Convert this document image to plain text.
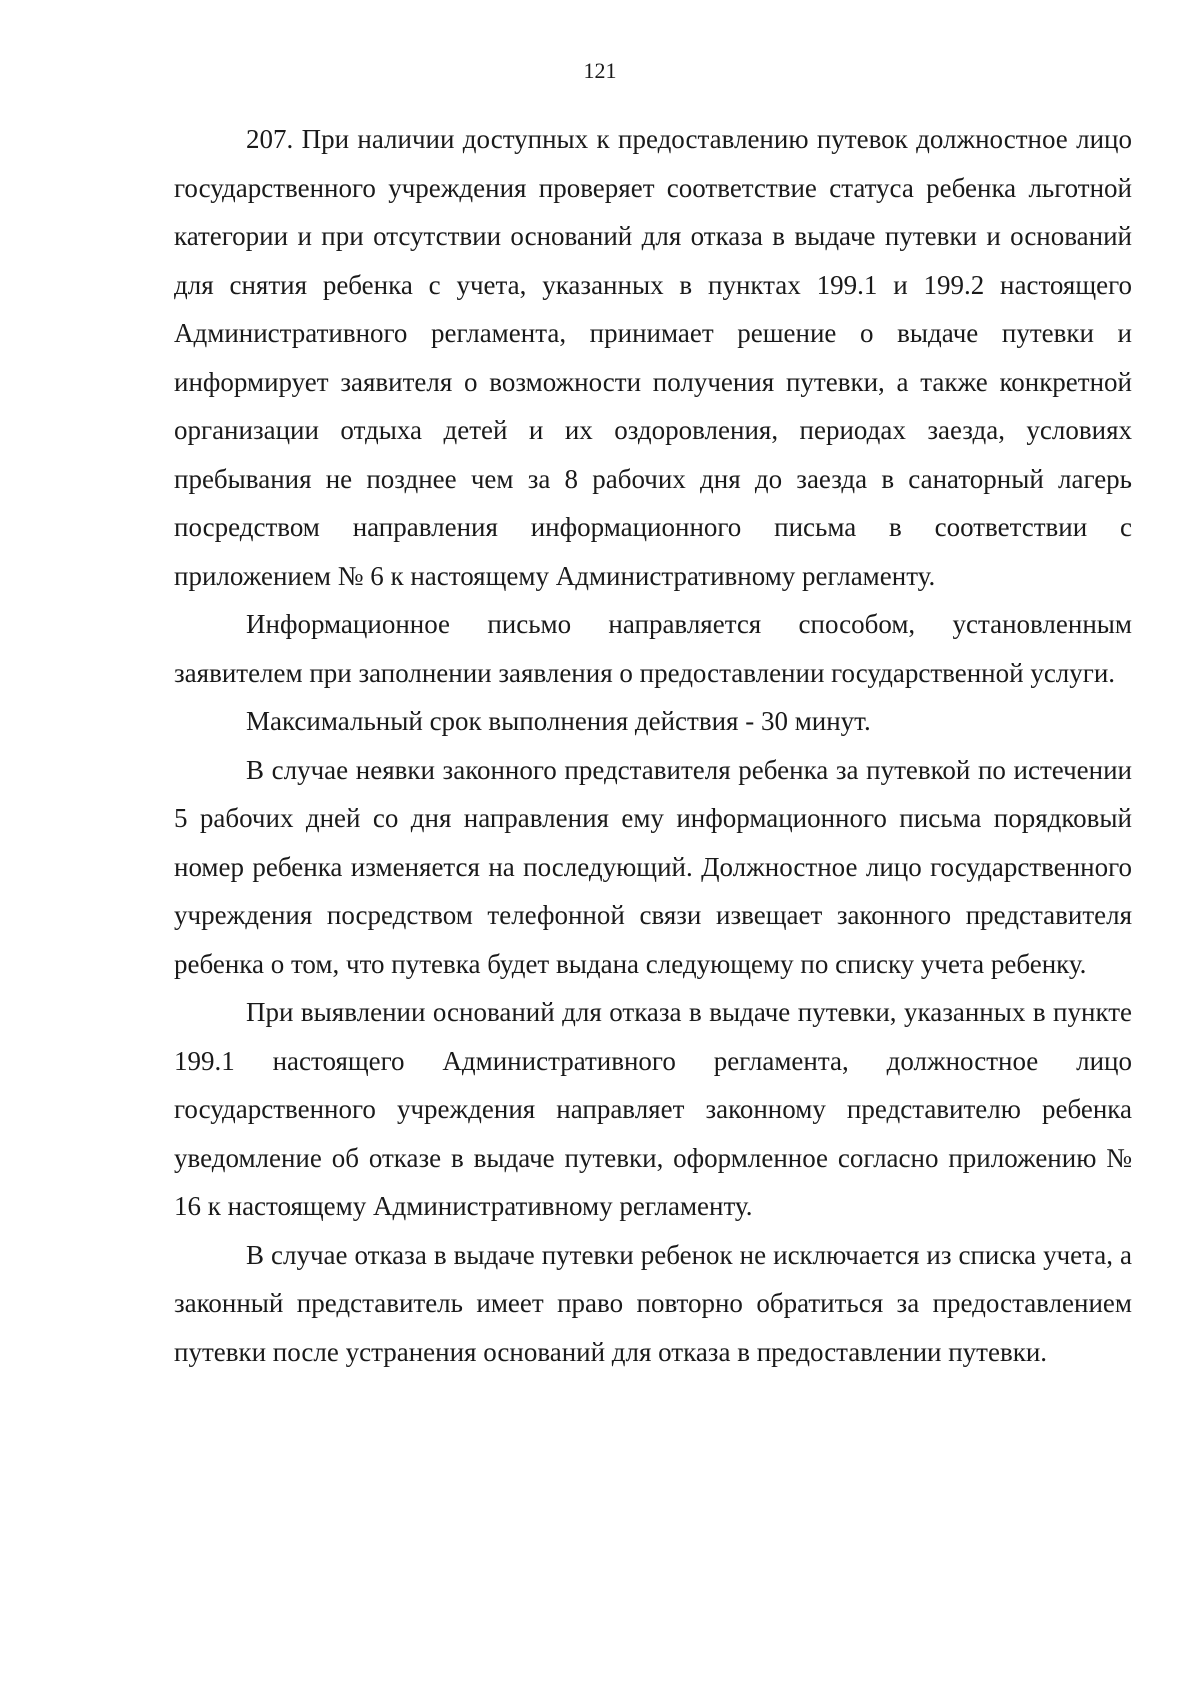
121

207. При наличии доступных к предоставлению путевок должностное лицо государственного учреждения проверяет соответствие статуса ребенка льготной категории и при отсутствии оснований для отказа в выдаче путевки и оснований для снятия ребенка с учета, указанных в пунктах 199.1 и 199.2 настоящего Административного регламента, принимает решение о выдаче путевки и информирует заявителя о возможности получения путевки, а также конкретной организации отдыха детей и их оздоровления, периодах заезда, условиях пребывания не позднее чем за 8 рабочих дня до заезда в санаторный лагерь посредством направления информационного письма в соответствии с приложением № 6 к настоящему Административному регламенту.

Информационное письмо направляется способом, установленным заявителем при заполнении заявления о предоставлении государственной услуги.

Максимальный срок выполнения действия - 30 минут.

В случае неявки законного представителя ребенка за путевкой по истечении 5 рабочих дней со дня направления ему информационного письма порядковый номер ребенка изменяется на последующий. Должностное лицо государственного учреждения посредством телефонной связи извещает законного представителя ребенка о том, что путевка будет выдана следующему по списку учета ребенку.

При выявлении оснований для отказа в выдаче путевки, указанных в пункте 199.1 настоящего Административного регламента, должностное лицо государственного учреждения направляет законному представителю ребенка уведомление об отказе в выдаче путевки, оформленное согласно приложению № 16 к настоящему Административному регламенту.

В случае отказа в выдаче путевки ребенок не исключается из списка учета, а законный представитель имеет право повторно обратиться за предоставлением путевки после устранения оснований для отказа в предоставлении путевки.
